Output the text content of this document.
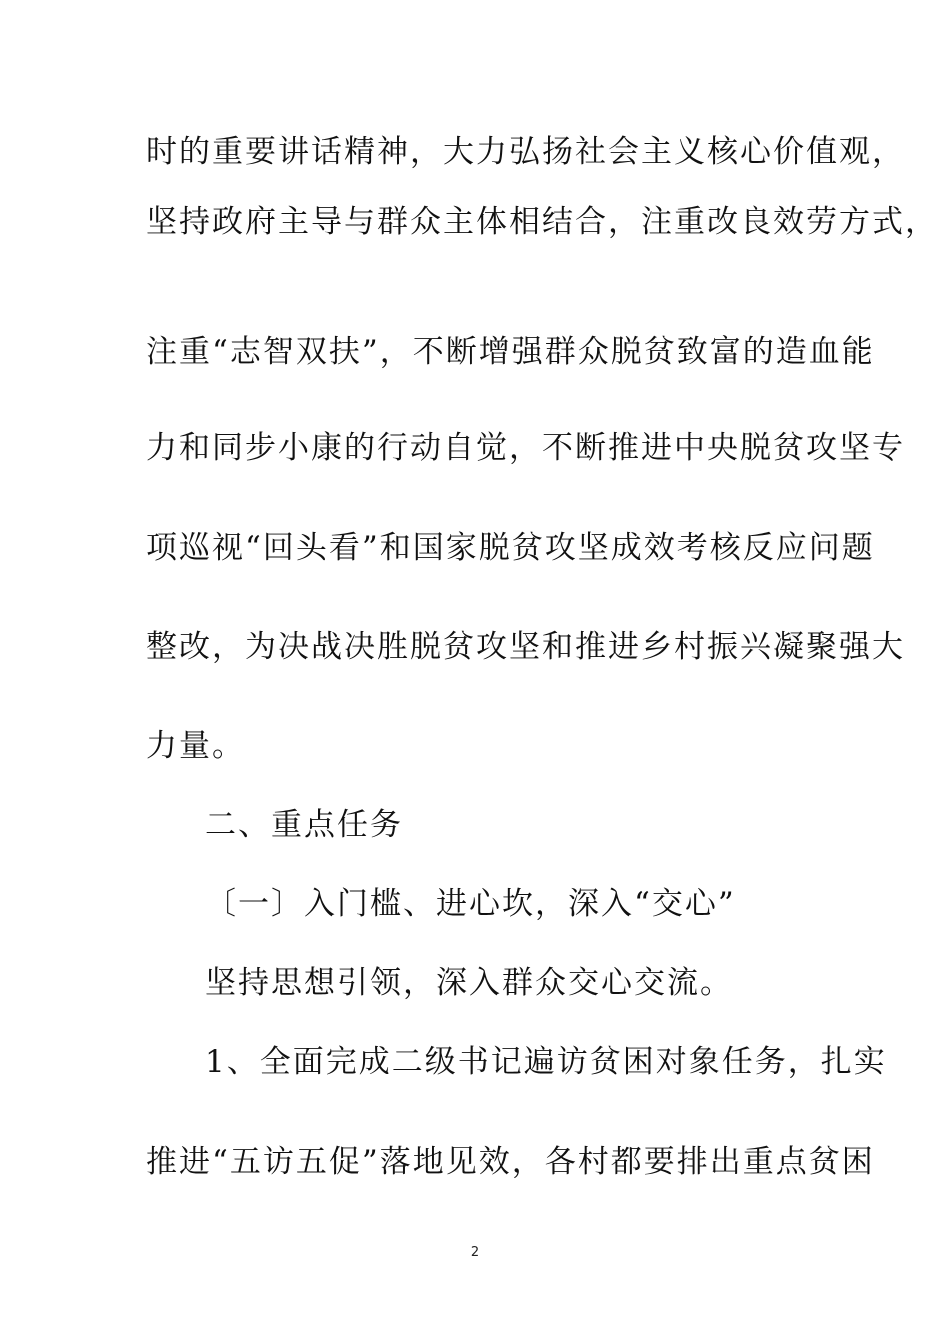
时的重要讲话精神，大力弘扬社会主义核心价值观，
坚持政府主导与群众主体相结合，注重改良效劳方式，
注重“志智双扶”，不断增强群众脱贫致富的造血能
力和同步小康的行动自觉，不断推进中央脱贫攻坚专
项巡视“回头看”和国家脱贫攻坚成效考核反应问题
整改，为决战决胜脱贫攻坚和推进乡村振兴凝聚强大
力量。
二、重点任务
〔一〕入门槛、进心坎，深入“交心”
坚持思想引领，深入群众交心交流。
1、全面完成二级书记遍访贫困对象任务，扎实
推进“五访五促”落地见效，各村都要排出重点贫困
2
